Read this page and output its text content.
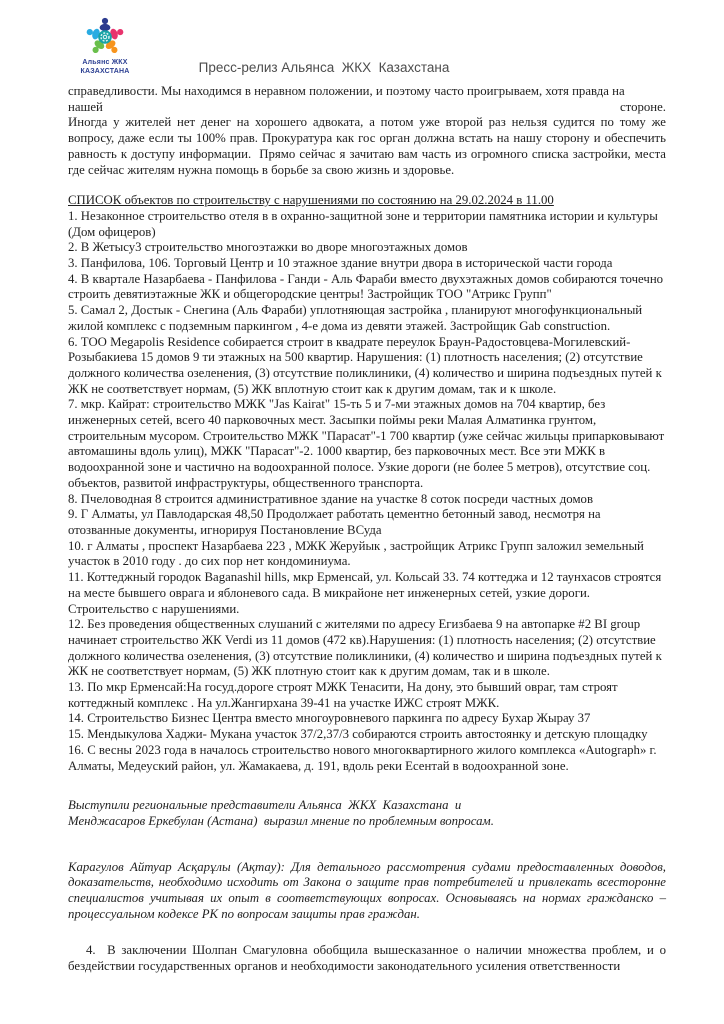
Альянс ЖКХ
КАЗАХСТАНА	Пресс-релиз Альянса  ЖКХ  Казахстана
справедливости. Мы находимся в неравном положении, и поэтому часто проигрываем, хотя правда на
нашей	стороне.
Иногда у жителей нет денег на хорошего адвоката, а потом уже второй раз нельзя судится по тому же вопросу, даже если ты 100% прав. Прокуратура как гос орган должна встать на нашу сторону и обеспечить равность к доступу информации.  Прямо сейчас я зачитаю вам часть из огромного списка застройки, места где сейчас жителям нужна помощь в борьбе за свою жизнь и здоровье.
СПИСОК объектов по строительству с нарушениями по состоянию на 29.02.2024 в 11.00
1. Незаконное строительство отеля в в охранно-защитной зоне и территории памятника истории и культуры (Дом офицеров)
2. В Жетысу3 строительство многоэтажки во дворе многоэтажных домов
3. Панфилова, 106. Торговый Центр и 10 этажное здание внутри двора в исторической части города
4. В квартале Назарбаева - Панфилова - Ганди - Аль Фараби вместо двухэтажных домов собираются точечно строить девятиэтажные ЖК и общегородские центры! Застройщик ТОО "Атрикс Групп"
5. Самал 2, Достык - Снегина (Аль Фараби) уплотняющая застройка , планируют многофункциональный жилой комплекс с подземным паркингом , 4-е дома из девяти этажей. Застройщик Gab construction.
6. ТОО Megapolis Residence собирается строит в квадрате переулок Браун-Радостовцева-Могилевский-Розыбакиева 15 домов 9 ти этажных на 500 квартир. Нарушения: (1) плотность населения; (2) отсутствие должного количества озеленения, (3) отсутствие поликлиники, (4) количество и ширина подъездных путей к ЖК не соответствует нормам, (5) ЖК вплотную стоит как к другим домам, так и к школе.
7. мкр. Кайрат: строительство МЖК "Jas Kairat" 15-ть 5 и 7-ми этажных домов на 704 квартир, без инженерных сетей, всего 40 парковочных мест. Засыпки поймы реки Малая Алматинка грунтом, строительным мусором. Строительство МЖК "Парасат"-1 700 квартир (уже сейчас жильцы припарковывают автомашины вдоль улиц), МЖК "Парасат"-2. 1000 квартир, без парковочных мест. Все эти МЖК в водоохранной зоне и частично на водоохранной полосе. Узкие дороги (не более 5 метров), отсутствие соц. объектов, развитой инфраструктуры, общественного транспорта.
8. Пчеловодная 8 строится административное здание на участке 8 соток посреди частных домов
9. Г Алматы, ул Павлодарская 48,50 Продолжает работать цементно бетонный завод, несмотря на отозванные документы, игнорируя Постановление ВСуда
10. г Алматы , проспект Назарбаева 223 , МЖК Жеруйык , застройщик Атрикс Групп заложил земельный участок в 2010 году . до сих пор нет кондоминиума.
11. Коттеджный городок Baganashil hills, мкр Ерменсай, ул. Кольсай 33. 74 коттеджа и 12 таунхасов строятся на месте бывшего оврага и яблоневого сада. В микрайоне нет инженерных сетей, узкие дороги. Строительство с нарушениями.
12. Без проведения общественных слушаний с жителями по адресу Егизбаева 9 на автопарке #2 BI group начинает строительство ЖК Verdi из 11 домов (472 кв).Нарушения: (1) плотность населения; (2) отсутствие должного количества озеленения, (3) отсутствие поликлиники, (4) количество и ширина подъездных путей к ЖК не соответствует нормам, (5) ЖК плотную стоит как к другим домам, так и в школе.
13. По мкр Ерменсай:На госуд.дороге строят МЖК Тенасити, На дону, это бывший овраг, там строят коттеджный комплекс . На ул.Жангирхана 39-41 на участке ИЖС строят МЖК.
14. Строительство Бизнес Центра вместо многоуровневого паркинга по адресу Бухар Жырау 37
15. Мендыкулова Хаджи- Мукана участок 37/2,37/3 собираются строить автостоянку и детскую площадку
16. С весны 2023 года в началось строительство нового многоквартирного жилого комплекса «Autograph» г. Алматы, Медеуский район, ул. Жамакаева, д. 191, вдоль реки Есентай в водоохранной зоне.
Выступили региональные представители Альянса  ЖКХ  Казахстана  и
Менджасаров Еркебулан (Астана)  выразил мнение по проблемным вопросам.
Карагулов Айтуар Асқарұлы (Ақтау): Для детального рассмотрения судами предоставленных доводов, доказательств, необходимо исходить от Закона о защите прав потребителей и привлекать всесторонне специалистов учитывая их опыт в соответствующих вопросах. Основываясь на нормах гражданско – процессуальном кодексе РК по вопросам защиты прав граждан.
4.  В заключении Шолпан Смагуловна обобщила вышесказанное о наличии множества проблем, и о бездействии государственных органов и необходимости законодательного усиления ответственности
